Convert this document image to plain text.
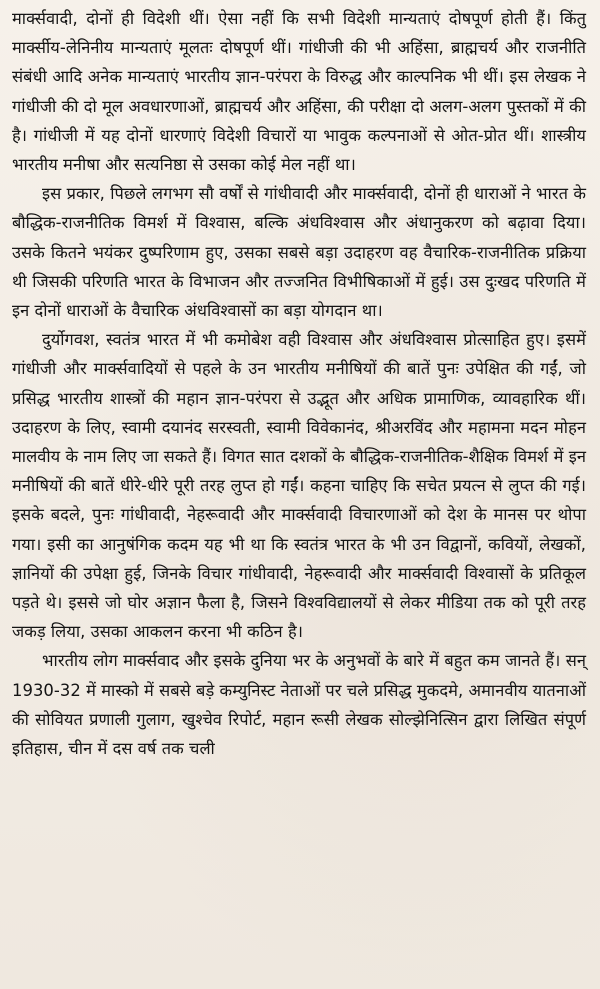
मार्क्सवादी, दोनों ही विदेशी थीं। ऐसा नहीं कि सभी विदेशी मान्यताएं दोषपूर्ण होती हैं। किंतु मार्क्सीय-लेनिनीय मान्यताएं मूलतः दोषपूर्ण थीं। गांधीजी की भी अहिंसा, ब्राह्मचर्य और राजनीति संबंधी आदि अनेक मान्यताएं भारतीय ज्ञान-परंपरा के विरुद्ध और काल्पनिक भी थीं। इस लेखक ने गांधीजी की दो मूल अवधारणाओं, ब्राह्मचर्य और अहिंसा, की परीक्षा दो अलग-अलग पुस्तकों में की है। गांधीजी में यह दोनों धारणाएं विदेशी विचारों या भावुक कल्पनाओं से ओत-प्रोत थीं। शास्त्रीय भारतीय मनीषा और सत्यनिष्ठा से उसका कोई मेल नहीं था।

इस प्रकार, पिछले लगभग सौ वर्षों से गांधीवादी और मार्क्सवादी, दोनों ही धाराओं ने भारत के बौद्धिक-राजनीतिक विमर्श में विश्वास, बल्कि अंधविश्वास और अंधानुकरण को बढ़ावा दिया। उसके कितने भयंकर दुष्परिणाम हुए, उसका सबसे बड़ा उदाहरण वह वैचारिक-राजनीतिक प्रक्रिया थी जिसकी परिणति भारत के विभाजन और तज्जनित विभीषिकाओं में हुई। उस दुःखद परिणति में इन दोनों धाराओं के वैचारिक अंधविश्वासों का बड़ा योगदान था।

दुर्योगवश, स्वतंत्र भारत में भी कमोबेश वही विश्वास और अंधविश्वास प्रोत्साहित हुए। इसमें गांधीजी और मार्क्सवादियों से पहले के उन भारतीय मनीषियों की बातें पुनः उपेक्षित की गईं, जो प्रसिद्ध भारतीय शास्त्रों की महान ज्ञान-परंपरा से उद्भूत और अधिक प्रामाणिक, व्यावहारिक थीं। उदाहरण के लिए, स्वामी दयानंद सरस्वती, स्वामी विवेकानंद, श्रीअरविंद और महामना मदन मोहन मालवीय के नाम लिए जा सकते हैं। विगत सात दशकों के बौद्धिक-राजनीतिक-शैक्षिक विमर्श में इन मनीषियों की बातें धीरे-धीरे पूरी तरह लुप्त हो गईं। कहना चाहिए कि सचेत प्रयत्न से लुप्त की गई। इसके बदले, पुनः गांधीवादी, नेहरूवादी और मार्क्सवादी विचारणाओं को देश के मानस पर थोपा गया। इसी का आनुषंगिक कदम यह भी था कि स्वतंत्र भारत के भी उन विद्वानों, कवियों, लेखकों, ज्ञानियों की उपेक्षा हुई, जिनके विचार गांधीवादी, नेहरूवादी और मार्क्सवादी विश्वासों के प्रतिकूल पड़ते थे। इससे जो घोर अज्ञान फैला है, जिसने विश्वविद्यालयों से लेकर मीडिया तक को पूरी तरह जकड़ लिया, उसका आकलन करना भी कठिन है।

भारतीय लोग मार्क्सवाद और इसके दुनिया भर के अनुभवों के बारे में बहुत कम जानते हैं। सन् 1930-32 में मास्को में सबसे बड़े कम्युनिस्ट नेताओं पर चले प्रसिद्ध मुकदमे, अमानवीय यातनाओं की सोवियत प्रणाली गुलाग, खुश्चेव रिपोर्ट, महान रूसी लेखक सोल्झेनित्सिन द्वारा लिखित संपूर्ण इतिहास, चीन में दस वर्ष तक चली
